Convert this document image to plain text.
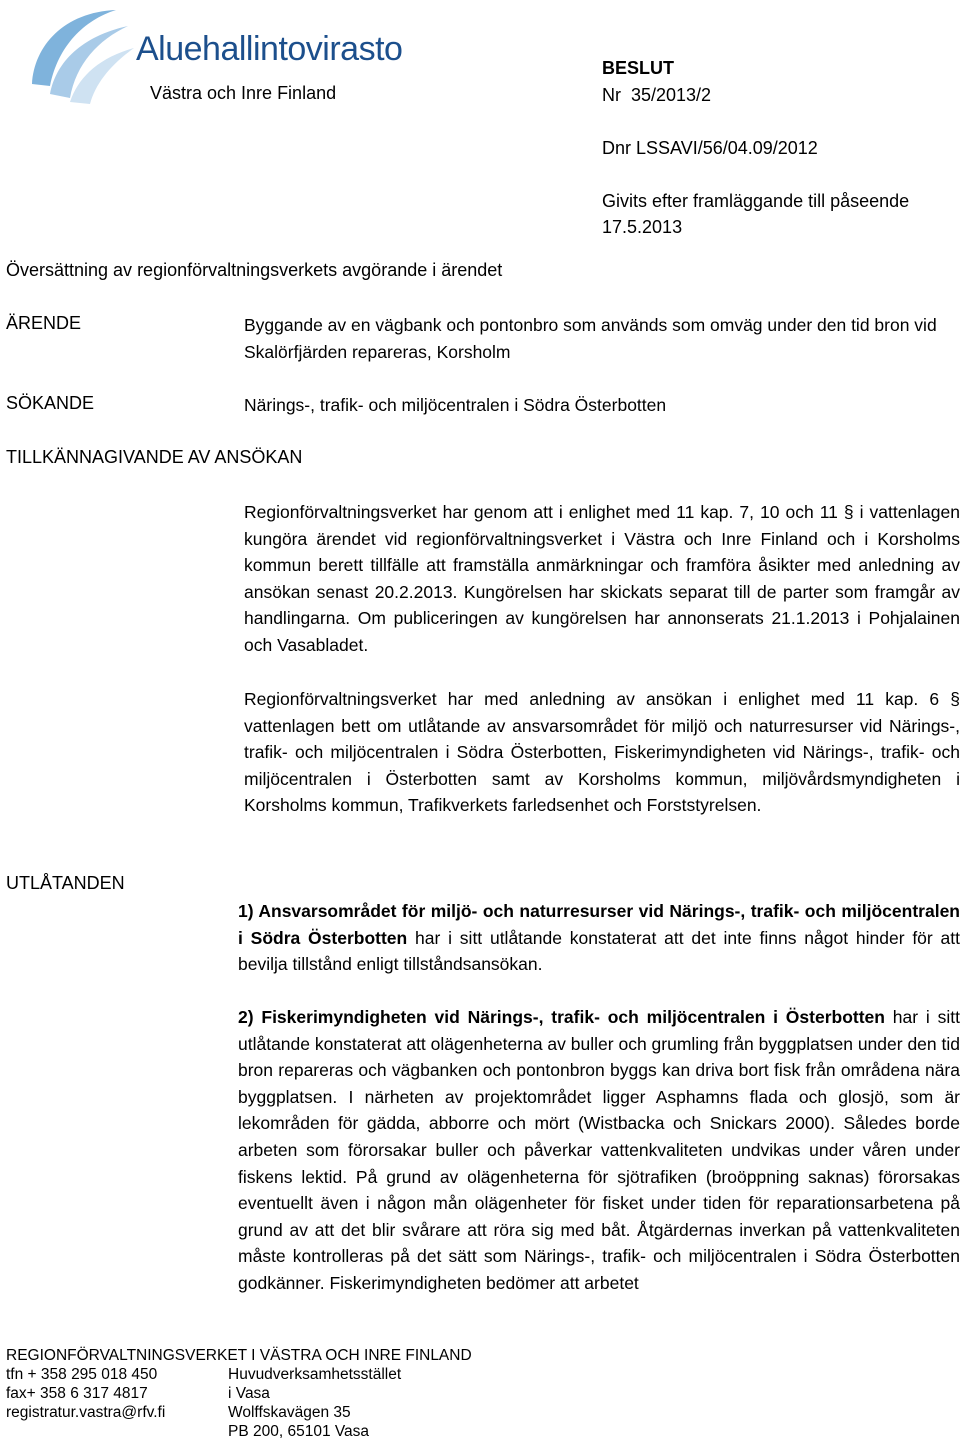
Aluehallintovirasto
Västra och Inre Finland
BESLUT
Nr  35/2013/2
Dnr LSSAVI/56/04.09/2012
Givits efter framläggande till påseende 17.5.2013
Översättning av regionförvaltningsverkets avgörande i ärendet
ÄRENDE	Byggande av en vägbank och pontonbro som används som omväg under den tid bron vid Skalörfjärden repareras, Korsholm

SÖKANDE	Närings-, trafik- och miljöcentralen i Södra Österbotten

TILLKÄNNAGIVANDE AV ANSÖKAN

Regionförvaltningsverket har genom att i enlighet med 11 kap. 7, 10 och 11 § i vattenlagen kungöra ärendet vid regionförvaltningsverket i Västra och Inre Finland och i Korsholms kommun berett tillfälle att framställa anmärkningar och framföra åsikter med anledning av ansökan senast 20.2.2013. Kungörelsen har skickats separat till de parter som framgår av handlingarna. Om publiceringen av kungörelsen har annonserats 21.1.2013 i Pohjalainen och Vasabladet.

Regionförvaltningsverket har med anledning av ansökan i enlighet med 11 kap. 6 § vattenlagen bett om utlåtande av ansvarsområdet för miljö och naturresurser vid Närings-, trafik- och miljöcentralen i Södra Österbotten, Fiskerimyndigheten vid Närings-, trafik- och miljöcentralen i Österbotten samt av Korsholms kommun, miljövårdsmyndigheten i Korsholms kommun, Trafikverkets farledsenhet och Forststyrelsen.

UTLÅTANDEN

1) Ansvarsområdet för miljö- och naturresurser vid Närings-, trafik- och miljöcentralen i Södra Österbotten har i sitt utlåtande konstaterat att det inte finns något hinder för att bevilja tillstånd enligt tillståndsansökan.

2) Fiskerimyndigheten vid Närings-, trafik- och miljöcentralen i Österbotten har i sitt utlåtande konstaterat att olägenheterna av buller och grumling från byggplatsen under den tid bron repareras och vägbanken och pontonbron byggs kan driva bort fisk från områdena nära byggplatsen. I närheten av projektområdet ligger Asphamns flada och glosjö, som är lekområden för gädda, abborre och mört (Wistbacka och Snickars 2000). Således borde arbeten som förorsakar buller och påverkar vattenkvaliteten undvikas under våren under fiskens lektid. På grund av olägenheterna för sjötrafiken (broöppning saknas) förorsakas eventuellt även i någon mån olägenheter för fisket under tiden för reparationsarbetena på grund av att det blir svårare att röra sig med båt. Åtgärdernas inverkan på vattenkvaliteten måste kontrolleras på det sätt som Närings-, trafik- och miljöcentralen i Södra Österbotten godkänner. Fiskerimyndigheten bedömer att arbetet

REGIONFÖRVALTNINGSVERKET I VÄSTRA OCH INRE FINLAND
tfn + 358 295 018 450
fax+ 358 6 317 4817
registratur.vastra@rfv.fi
Huvudverksamhetsstället i Vasa
Wolffskavägen 35
PB 200, 65101 Vasa
